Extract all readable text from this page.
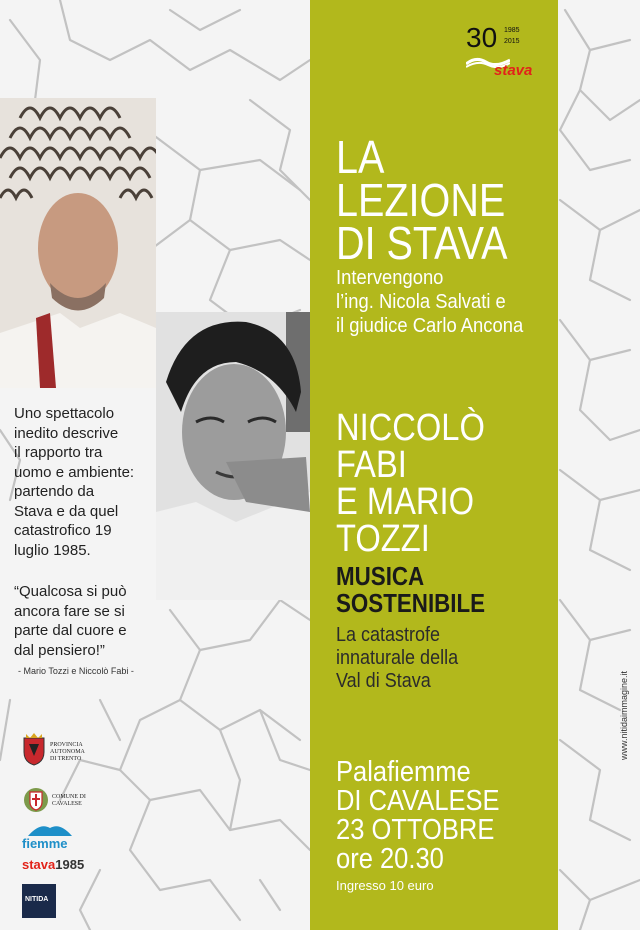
30 1985
2015
stava
LA
LEZIONE
DI STAVA
Intervengono
l’ing. Nicola Salvati e
il giudice Carlo Ancona
NICCOLÒ
FABI
E MARIO
TOZZI
MUSICA
SOSTENIBILE
La catastrofe
innaturale della
Val di Stava
Palafiemme
DI CAVALESE
23 OTTOBRE
ore 20.30
Ingresso 10 euro
Uno spettacolo
inedito descrive
il rapporto tra
uomo e ambiente:
partendo da
Stava e da quel
catastrofico 19
luglio 1985.
“Qualcosa si può
ancora fare se si
parte dal cuore e
dal pensiero!”
- Mario Tozzi e Niccolò Fabi -
PROVINCIA
AUTONOMA
DI TRENTO
COMUNE DI
CAVALESE
fiemme
stava1985
NITIDA
www.nitidaimmagine.it
